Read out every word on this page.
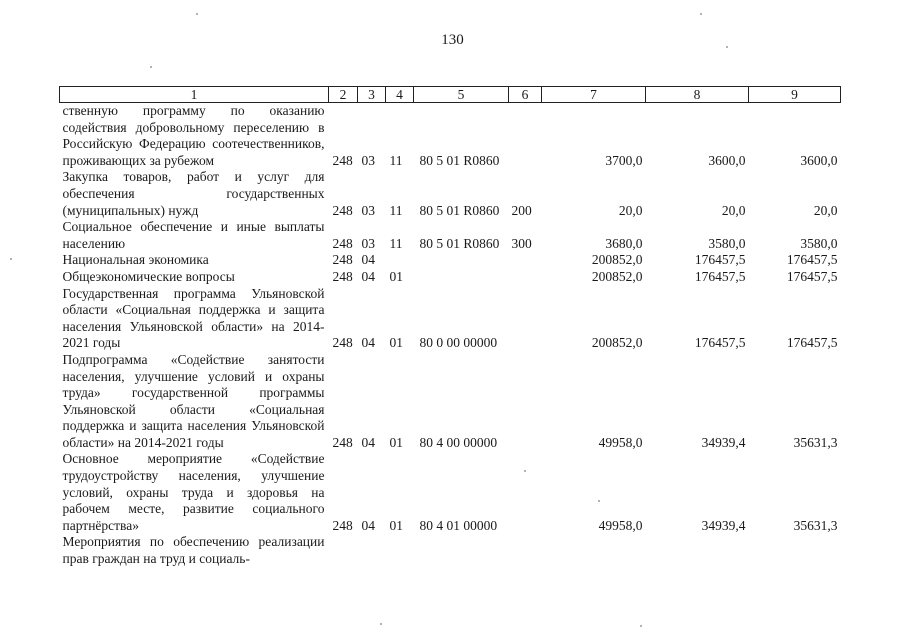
130
1	2	3	4	5	6	7	8	9
ственную программу по оказанию содействия добровольному переселению в Российскую Федерацию соотечественников, проживающих за рубежом	248	03	11	80 5 01 R0860		3700,0	3600,0	3600,0
Закупка товаров, работ и услуг для обеспечения государственных (муниципальных) нужд	248	03	11	80 5 01 R0860	200	20,0	20,0	20,0
Социальное обеспечение и иные выплаты населению	248	03	11	80 5 01 R0860	300	3680,0	3580,0	3580,0
Национальная экономика	248	04				200852,0	176457,5	176457,5
Общеэкономические вопросы	248	04	01			200852,0	176457,5	176457,5
Государственная программа Ульяновской области «Социальная поддержка и защита населения Ульяновской области» на 2014-2021 годы	248	04	01	80 0 00 00000		200852,0	176457,5	176457,5
Подпрограмма «Содействие занятости населения, улучшение условий и охраны труда» государственной программы Ульяновской области «Социальная поддержка и защита населения Ульяновской области» на 2014-2021 годы	248	04	01	80 4 00 00000		49958,0	34939,4	35631,3
Основное мероприятие «Содействие трудоустройству населения, улучшение условий, охраны труда и здоровья на рабочем месте, развитие социального партнёрства»	248	04	01	80 4 01 00000		49958,0	34939,4	35631,3
Мероприятия по обеспечению реализации прав граждан на труд и социаль-								
